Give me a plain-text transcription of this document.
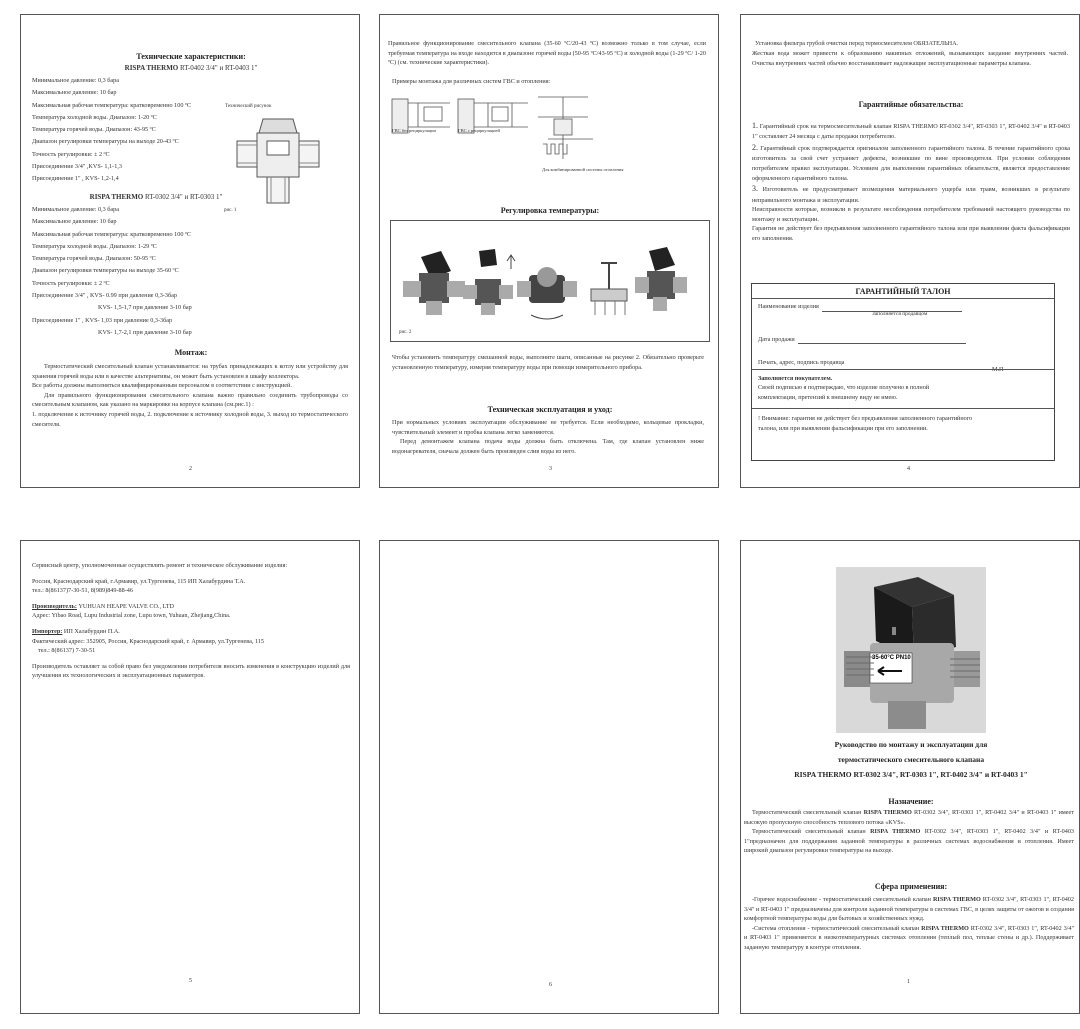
Технические характеристики:
RISPA THERMO RT-0402 3/4" и RT-0403 1"
Минимальное давление: 0,3 бара
Максимальное давление: 10 бар
Максимальная рабочая температура: кратковременно 100 ºС
Температура холодной воды. Диапазон: 1-20 ºС
Температура горячей воды. Диапазон: 43-95 ºС
Диапазон регулировки температуры на выходе 20-43 ºС
Точность регулировки: ± 2 ºС
Присоединение 3/4" ,KVS- 1,1-1,3
Присоединение 1" , KVS- 1,2-1,4
Технический рисунок
рис. 1
RISPA THERMO RT-0302 3/4" и RT-0303 1"
Минимальное давление: 0,3 бара
Максимальное давление: 10 бар
Максимальная рабочая температура: кратковременно 100 ºС
Температура холодной воды. Диапазон: 1-29 ºС
Температура горячей воды. Диапазон: 50-95 ºС
Диапазон регулировки температуры на выходе 35-60 ºС
Точность регулировки: ± 2 ºС
Присоединение 3/4" , KVS- 0.99 при давление 0,3-3бар
KVS- 1,5-1,7 при давление 3-10 бар
Присоединение 1" , KVS- 1,03 при давление 0,3-3бар
KVS- 1,7-2,1 при давление 3-10 бар
Монтаж:
Термостатический смесительный клапан устанавливается: на трубах принадлежащих к котлу или устройству для хранения горячей воды или в качестве альтернативы, он может быть установлен в шкафу коллектора.
Все работы должны выполняться квалифицированным персоналом в соответствии с инструкцией.
Для правильного функционирования смесительного клапана важно правильно соединить трубопроводы со смесительным клапаном, как указано на маркировке на корпусе клапана (см.рис.1) :
1. подключение к источнику горячей воды, 2. подключение к источнику холодной воды, 3. выход из термостатического смесителя.
2
Правильное функционирование смесительного клапана (35-60 ºС/20-43 ºС) возможно только в том случае, если требуемая температура на входе находится в диапазоне горячей воды (50-95 ºС/43-95 ºС) и холодной воды (1-29 ºС/ 1-20 ºС) (см. технические характеристики).
Примеры монтажа для различных систем ГВС и отопления:
ГВС без рециркуляции	ГВС с рециркуляцией
Для комбинированной системы отопления
Регулировка температуры:
рис. 2
Чтобы установить температуру смешанной воды, выполните шаги, описанные на рисунке 2. Обязательно проверьте установленную температуру, измеряя температуру воды при помощи измерительного прибора.
Техническая эксплуатация и уход:
При нормальных условиях эксплуатации обслуживание не требуется. Если необходимо, кольцевые прокладки, чувствительный элемент и пробка клапана легко заменяются.
Перед демонтажем клапана подача воды должна быть отключена. Там, где клапан установлен ниже водонагревателя, сначала должен быть произведен слив воды из него.
3
Установка фильтра грубой очистки перед термосмесителем ОБЯЗАТЕЛЬНА.
Жесткая вода может привести к образованию накипных отложений, вызывающих заедание внутренних частей. Очистка внутренних частей обычно восстанавливает надлежащие эксплуатационные параметры клапана.
Гарантийные обязательства:
1. Гарантийный срок на термосмесительный клапан RISPA THERMO RT-0302 3/4", RT-0303 1", RT-0402 3/4" и RT-0403 1" составляет 24 месяца с даты продажи потребителю.
2. Гарантийный срок подтверждается оригиналом заполненного гарантийного талона. В течение гарантийного срока изготовитель за свой счет устраняет дефекты, возникшие по вине производителя. При условии соблюдения потребителем правил эксплуатации. Условием для выполнения гарантийных обязательств, является предоставление оформленного гарантийного талона.
3. Изготовитель не предусматривает возмещения материального ущерба или травм, возникших в результате неправильного монтажа и эксплуатации.
Неисправности которые, возникли в результате несоблюдения потребителем требований настоящего руководства по монтажу и эксплуатации.
Гарантия не действует без предъявления заполненного гарантийного талона или при выявлении факта фальсификации его заполнения.
ГАРАНТИЙНЫЙ ТАЛОН
Наименование изделия
Заполняется продавцом
Дата продажи
Печать, адрес, подпись продавца
М.П
Заполняется покупателем.
Своей подписью я подтверждаю, что изделие получено в полной комплектации, претензий к внешнему виду не имею.
! Внимание: гарантия не действует без предъявления заполненного гарантийного талона, или при выявлении фальсификации при его заполнении.
4
Сервисный центр, уполномоченные осуществлять ремонт и техническое обслуживание изделия:
Россия, Краснодарский край, г.Армавир, ул.Тургенева, 115 ИП Халабурдина Т.А.
тел.: 8(86137)7-30-51, 8(989)849-88-46
Производитель: YUHUAN HEAPE VALVE CO., LTD
Адрес: Yibao Road, Lupu Industrial zone, Lupu town, Yuhuan, Zhejiang,China.
Импортер: ИП Халабурдин П.А.
Фактический адрес: 352905, Россия, Краснодарский край, г. Армавир, ул.Тургенева, 115
тел.: 8(86137) 7-30-51
Производитель оставляет за собой право без уведомления потребителя вносить изменения в конструкцию изделий для улучшения их технологических и эксплуатационных параметров.
5
6
35-60°C PN10
Руководство по монтажу и эксплуатации для
термостатического смесительного клапана
RISPA THERMO RT-0302 3/4", RT-0303 1", RT-0402 3/4" и RT-0403 1"
Назначение:
Термостатический смесительный клапан RISPA THERMO RT-0302 3/4", RT-0303 1", RT-0402 3/4" и RT-0403 1" имеет высокую пропускную способность теплового потока «KVS».
Термостатический смесительный клапан RISPA THERMO RT-0302 3/4", RT-0303 1", RT-0402 3/4" и RT-0403 1"предназначен для поддержания заданной температуры в различных системах водоснабжения и отопления. Имеет широкий диапазон регулировки температуры на выходе.
Сфера применения:
-Горячее водоснабжение - термостатический смесительный клапан RISPA THERMO RT-0302 3/4", RT-0303 1", RT-0402 3/4" и RT-0403 1" предназначены для контроля заданной температуры в системах ГВС, в целях защиты от ожогов и создания комфортной температуры воды для бытовых и хозяйственных нужд.
-Система отопления - термостатический смесительный клапан RISPA THERMO RT-0302 3/4", RT-0303 1", RT-0402 3/4" и RT-0403 1" применяется в низкотемпературных системах отопления (теплый пол, теплые стены и др.). Поддерживает заданную температуру в контуре отопления.
1
